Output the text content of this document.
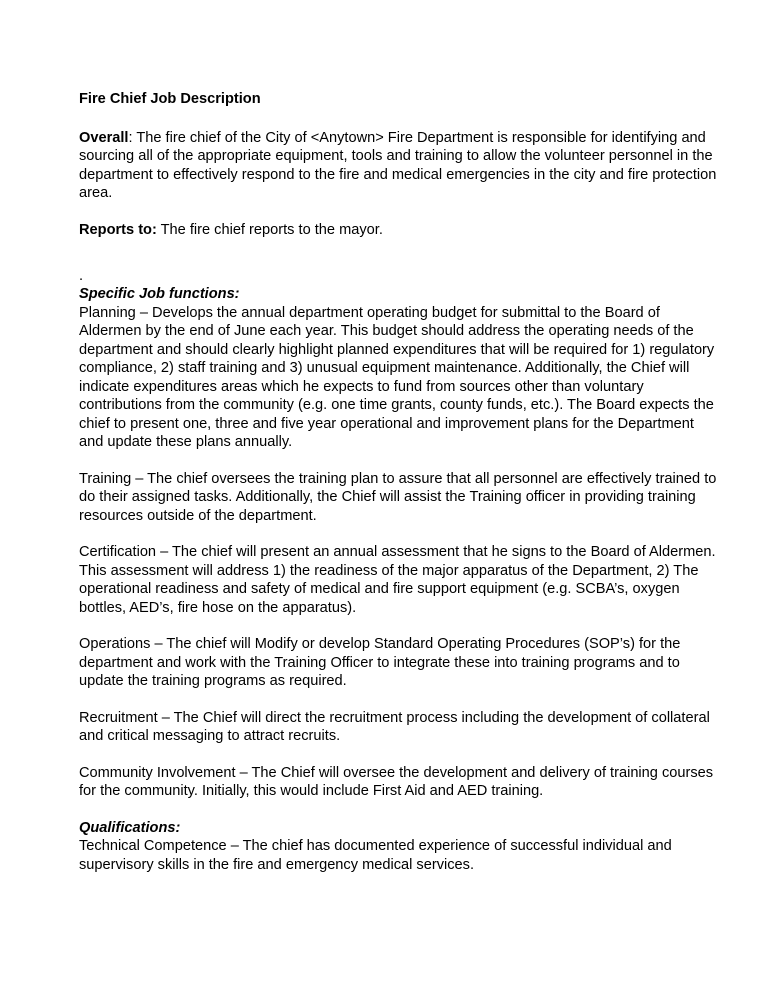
Fire Chief Job Description

Overall: The fire chief of the City of <Anytown> Fire Department is responsible for identifying and sourcing all of the appropriate equipment, tools and training to allow the volunteer personnel in the department to effectively respond to the fire and medical emergencies in the city and fire protection area.

Reports to: The fire chief reports to the mayor.

.
Specific Job functions:

Planning – Develops the annual department operating budget for submittal to the Board of Aldermen by the end of June each year. This budget should address the operating needs of the department and should clearly highlight planned expenditures that will be required for 1) regulatory compliance, 2) staff training and 3) unusual equipment maintenance. Additionally, the Chief will indicate expenditures areas which he expects to fund from sources other than voluntary contributions from the community (e.g. one time grants, county funds, etc.). The Board expects the chief to present one, three and five year operational and improvement plans for the Department and update these plans annually.

Training – The chief oversees the training plan to assure that all personnel are effectively trained to do their assigned tasks. Additionally, the Chief will assist the Training officer in providing training resources outside of the department.

Certification – The chief will present an annual assessment that he signs to the Board of Aldermen. This assessment will address 1) the readiness of the major apparatus of the Department, 2) The operational readiness and safety of medical and fire support equipment (e.g. SCBA’s, oxygen bottles, AED’s, fire hose on the apparatus).

Operations – The chief will Modify or develop Standard Operating Procedures (SOP’s) for the department and work with the Training Officer to integrate these into training programs and to update the training programs as required.

Recruitment – The Chief will direct the recruitment process including the development of collateral and critical messaging to attract recruits.

Community Involvement – The Chief will oversee the development and delivery of training courses for the community. Initially, this would include First Aid and AED training.

Qualifications:

Technical Competence – The chief has documented experience of successful individual and supervisory skills in the fire and emergency medical services.
